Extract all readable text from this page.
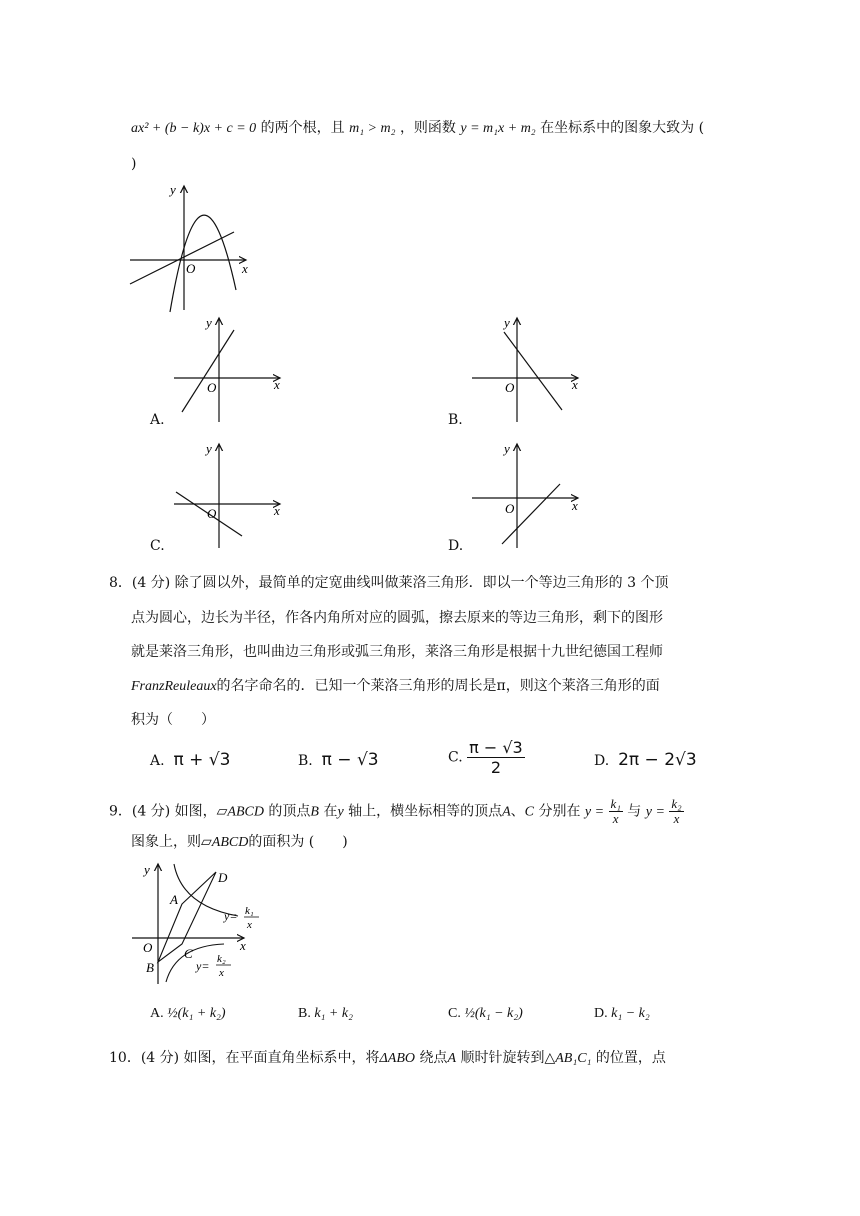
ax² + (b − k)x + c = 0 的两个根，且 m₁ > m₂ ，则函数 y = m₁x + m₂ 在坐标系中的图象大致为 (
)
y
x
O
A.
y
x
O
B.
y
x
O
C.
y
x
O
D.
y
x
O
8．(4 分) 除了圆以外，最简单的定宽曲线叫做莱洛三角形．即以一个等边三角形的 3 个顶
点为圆心，边长为半径，作各内角所对应的圆弧，擦去原来的等边三角形，剩下的图形
就是莱洛三角形，也叫曲边三角形或弧三角形，莱洛三角形是根据十九世纪德国工程师
FranzReuleaux的名字命名的．已知一个莱洛三角形的周长是π，则这个莱洛三角形的面
积为（　　）
A. π + √3	B. π − √3	C. $\frac{\pi - √3}{2}$	D. 2π − 2√3
9．(4 分) 如图，▱ABCD 的顶点B 在y 轴上，横坐标相等的顶点A、C 分别在 $y = \frac{\text{k₁}}{x}$ 与 $y = \frac{\text{k₂}}{x}$
图象上，则▱ABCD的面积为 (　　)
y
x
O
A
B
C
D
y= k₁
x
y= k₂
x
A. ½(k₁ + k₂)	B. k₁ + k₂	C. ½(k₁ − k₂)	D. k₁ − k₂
10．(4 分) 如图，在平面直角坐标系中，将ΔABO 绕点A 顺时针旋转到△AB₁C₁ 的位置，点
